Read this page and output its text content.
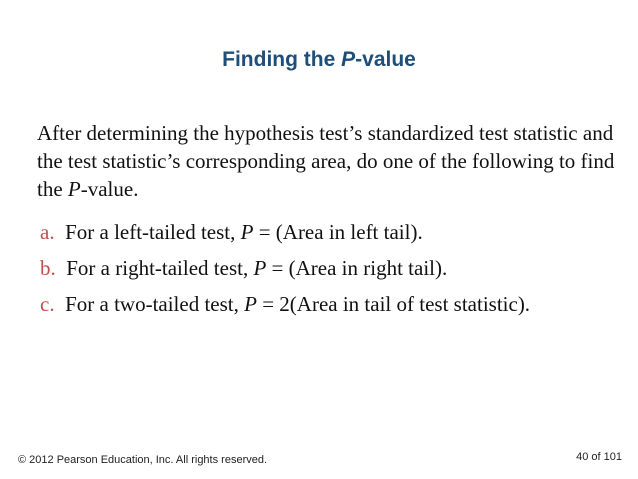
Finding the P-value
After determining the hypothesis test’s standardized test statistic and the test statistic’s corresponding area, do one of the following to find the P-value.
a. For a left-tailed test, P = (Area in left tail).
b. For a right-tailed test, P = (Area in right tail).
c. For a two-tailed test, P = 2(Area in tail of test statistic).
© 2012 Pearson Education, Inc. All rights reserved.	40 of 101
